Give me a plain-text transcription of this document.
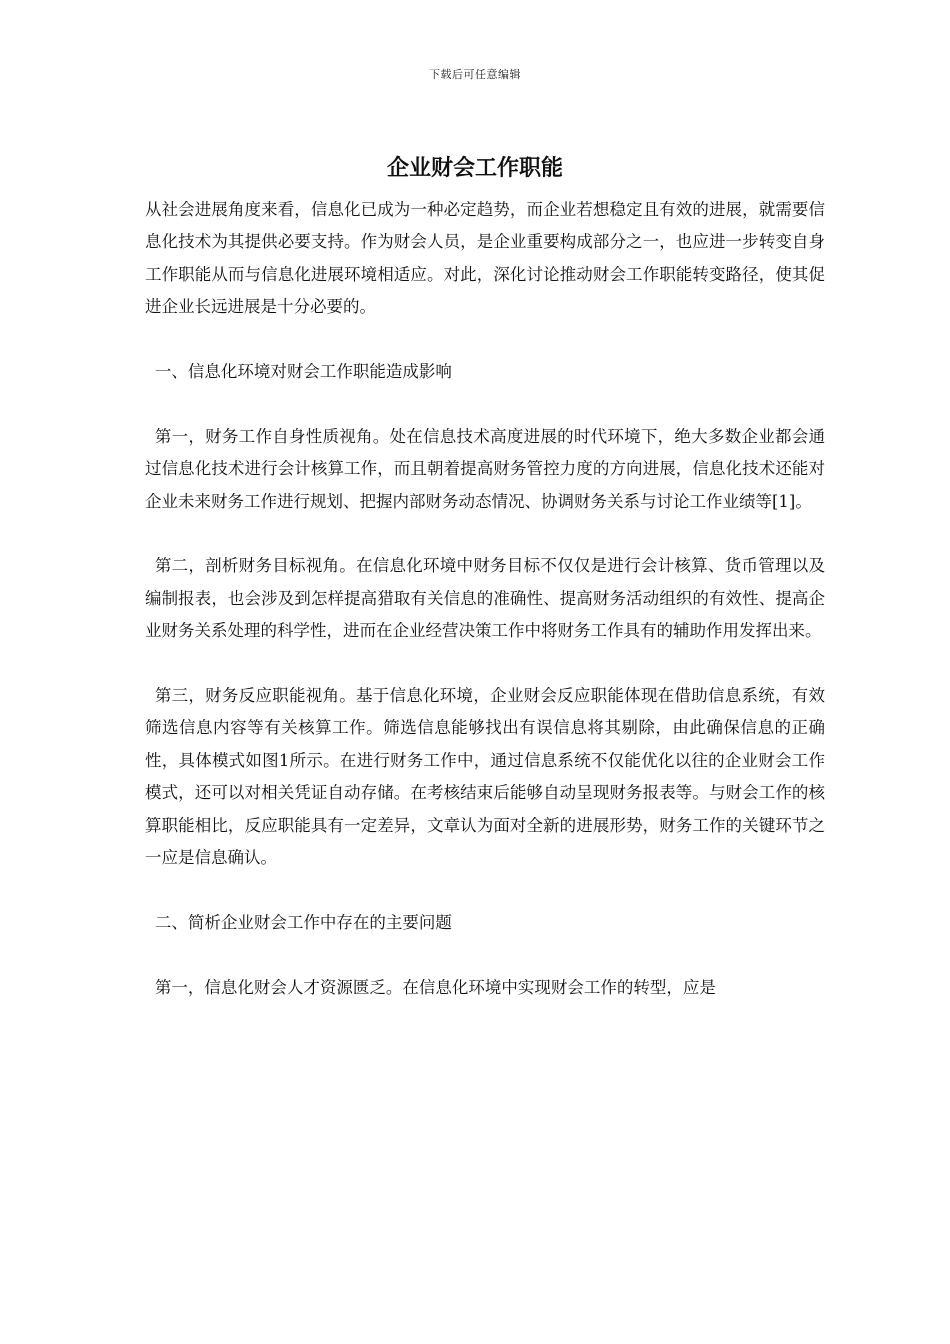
下载后可任意编辑
企业财会工作职能

从社会进展角度来看，信息化已成为一种必定趋势，而企业若想稳定且有效的进展，就需要信息化技术为其提供必要支持。作为财会人员，是企业重要构成部分之一，也应进一步转变自身工作职能从而与信息化进展环境相适应。对此，深化讨论推动财会工作职能转变路径，使其促进企业长远进展是十分必要的。

一、信息化环境对财会工作职能造成影响

第一，财务工作自身性质视角。处在信息技术高度进展的时代环境下，绝大多数企业都会通过信息化技术进行会计核算工作，而且朝着提高财务管控力度的方向进展，信息化技术还能对企业未来财务工作进行规划、把握内部财务动态情况、协调财务关系与讨论工作业绩等[1]。

第二，剖析财务目标视角。在信息化环境中财务目标不仅仅是进行会计核算、货币管理以及编制报表，也会涉及到怎样提高猎取有关信息的准确性、提高财务活动组织的有效性、提高企业财务关系处理的科学性，进而在企业经营决策工作中将财务工作具有的辅助作用发挥出来。

第三，财务反应职能视角。基于信息化环境，企业财会反应职能体现在借助信息系统，有效筛选信息内容等有关核算工作。筛选信息能够找出有误信息将其剔除，由此确保信息的正确性，具体模式如图1所示。在进行财务工作中，通过信息系统不仅能优化以往的企业财会工作模式，还可以对相关凭证自动存储。在考核结束后能够自动呈现财务报表等。与财会工作的核算职能相比，反应职能具有一定差异，文章认为面对全新的进展形势，财务工作的关键环节之一应是信息确认。

二、简析企业财会工作中存在的主要问题

第一，信息化财会人才资源匮乏。在信息化环境中实现财会工作的转型，应是
